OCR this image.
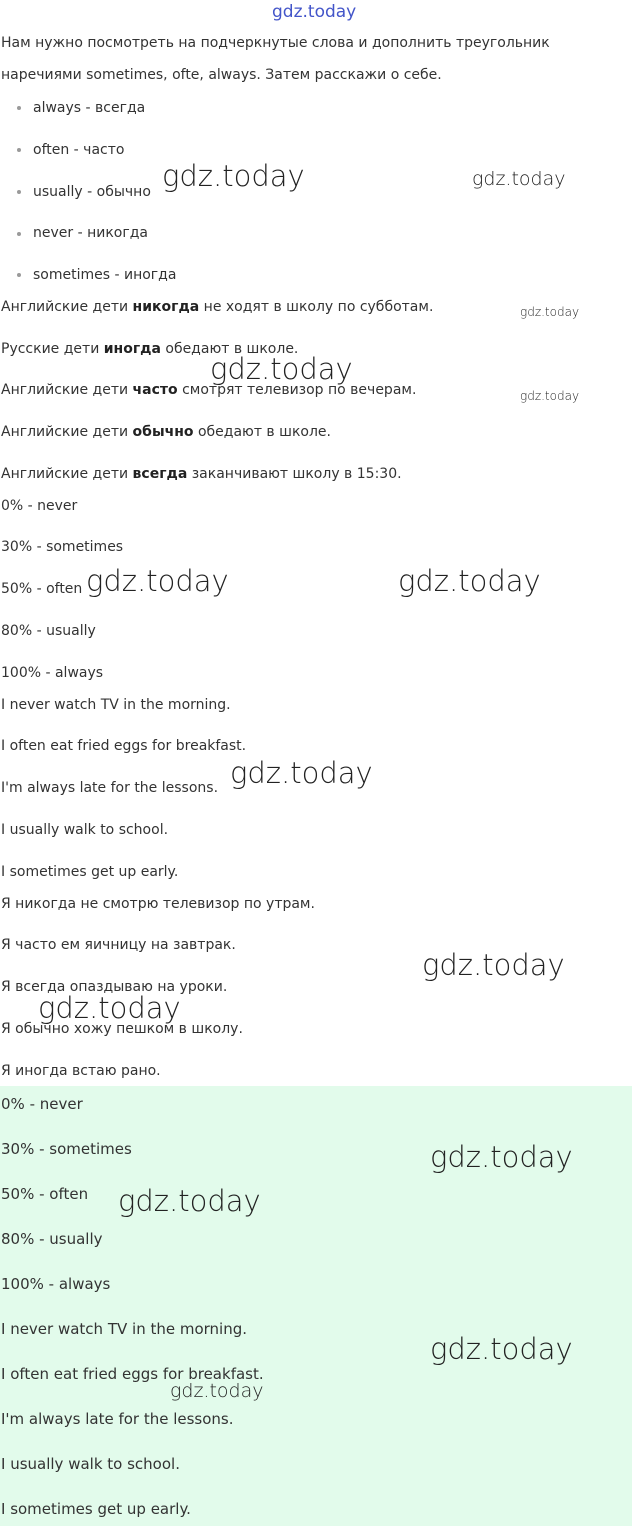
gdz.today
Нам нужно посмотреть на подчеркнутые слова и дополнить треугольник
наречиями sometimes, ofte, always. Затем расскажи о себе.
always - всегда
often - часто
usually - обычно
never - никогда
sometimes - иногда
Английские дети никогда не ходят в школу по субботам.
Русские дети иногда обедают в школе.
Английские дети часто смотрят телевизор по вечерам.
Английские дети обычно обедают в школе.
Английские дети всегда заканчивают школу в 15:30.
0% - never
30% - sometimes
50% - often
80% - usually
100% - always
I never watch TV in the morning.
I often eat fried eggs for breakfast.
I'm always late for the lessons.
I usually walk to school.
I sometimes get up early.
Я никогда не смотрю телевизор по утрам.
Я часто ем яичницу на завтрак.
Я всегда опаздываю на уроки.
Я обычно хожу пешком в школу.
Я иногда встаю рано.
0% - never
30% - sometimes
50% - often
80% - usually
100% - always
I never watch TV in the morning.
I often eat fried eggs for breakfast.
I'm always late for the lessons.
I usually walk to school.
I sometimes get up early.
gdz.today	gdz.today
gdz.today
gdz.today
gdz.today
gdz.today	gdz.today
gdz.today
gdz.today
gdz.today
gdz.today
gdz.today
gdz.today
gdz.today
